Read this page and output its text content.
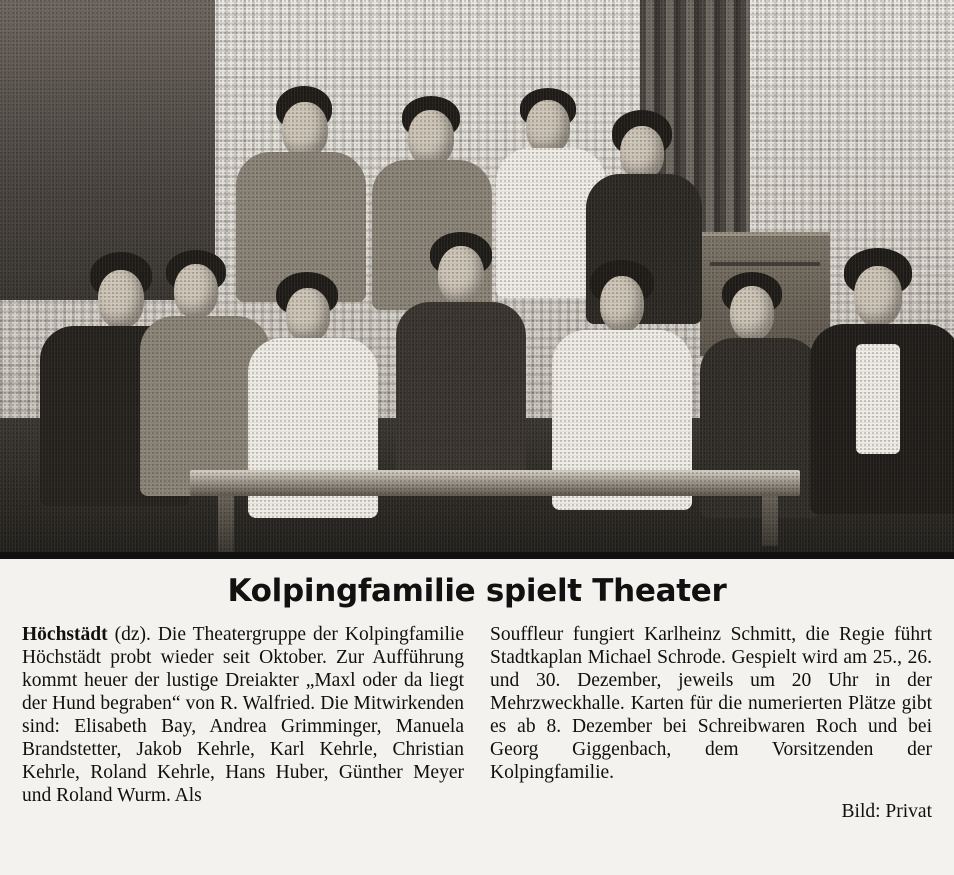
Kolpingfamilie spielt Theater

Höchstädt (dz). Die Theatergruppe der Kolpingfamilie Höchstädt probt wieder seit Oktober. Zur Aufführung kommt heuer der lustige Dreiakter „Maxl oder da liegt der Hund begraben“ von R. Walfried. Die Mitwirkenden sind: Elisabeth Bay, Andrea Grimminger, Manuela Brandstetter, Jakob Kehrle, Karl Kehrle, Christian Kehrle, Roland Kehrle, Hans Huber, Günther Meyer und Roland Wurm. Als

Souffleur fungiert Karlheinz Schmitt, die Regie führt Stadtkaplan Michael Schrode. Gespielt wird am 25., 26. und 30. Dezember, jeweils um 20 Uhr in der Mehrzweckhalle. Karten für die numerierten Plätze gibt es ab 8. Dezember bei Schreibwaren Roch und bei Georg Giggenbach, dem Vorsitzenden der Kolpingfamilie.

Bild: Privat
